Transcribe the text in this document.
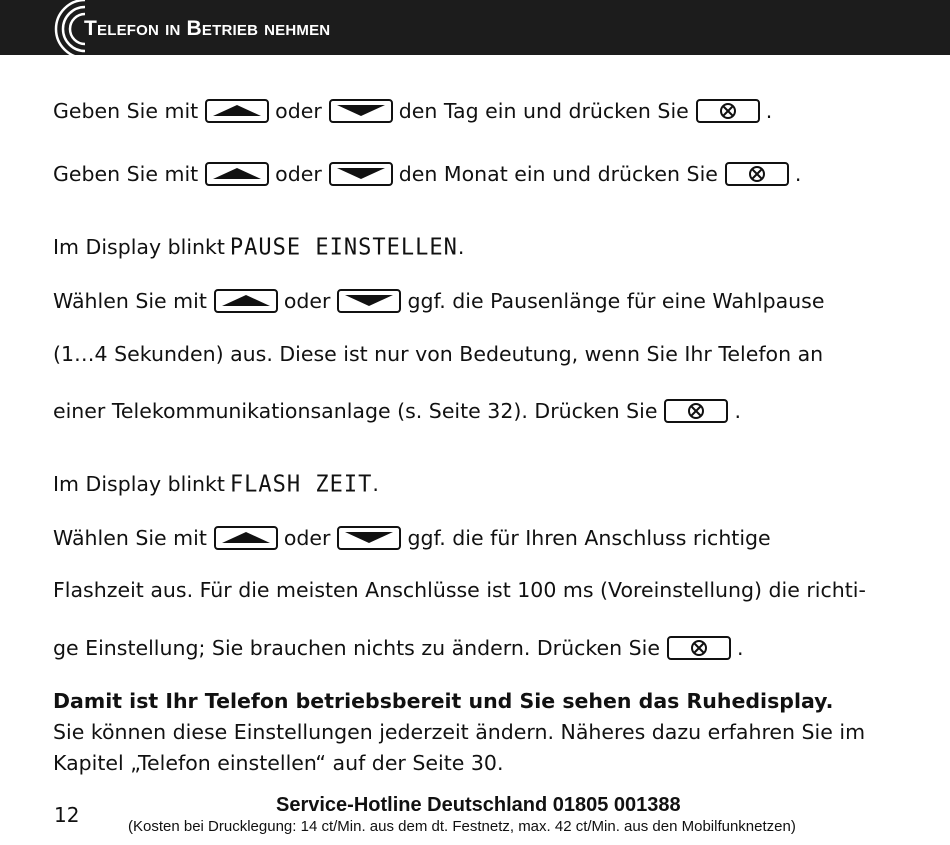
Telefon in Betrieb nehmen
Geben Sie mit	oder	den Tag ein und drücken Sie	.
Geben Sie mit	oder	den Monat ein und drücken Sie	.
Im Display blinkt PAUSE EINSTELLEN .
Wählen Sie mit	oder	ggf. die Pausenlänge für eine Wahlpause
(1…4 Sekunden) aus. Diese ist nur von Bedeutung, wenn Sie Ihr Telefon an
einer Telekommunikationsanlage (s. Seite 32). Drücken Sie	.
Im Display blinkt FLASH ZEIT .
Wählen Sie mit	oder	ggf. die für Ihren Anschluss richtige
Flashzeit aus. Für die meisten Anschlüsse ist 100 ms (Voreinstellung) die richti-
ge Einstellung; Sie brauchen nichts zu ändern. Drücken Sie	.
Damit ist Ihr Telefon betriebsbereit und Sie sehen das Ruhedisplay.
Sie können diese Einstellungen jederzeit ändern. Näheres dazu erfahren Sie im
Kapitel „Telefon einstellen“ auf der Seite 30.
12	Service-Hotline Deutschland 01805 001388
(Kosten bei Drucklegung: 14 ct/Min. aus dem dt. Festnetz, max. 42 ct/Min. aus den Mobilfunknetzen)
